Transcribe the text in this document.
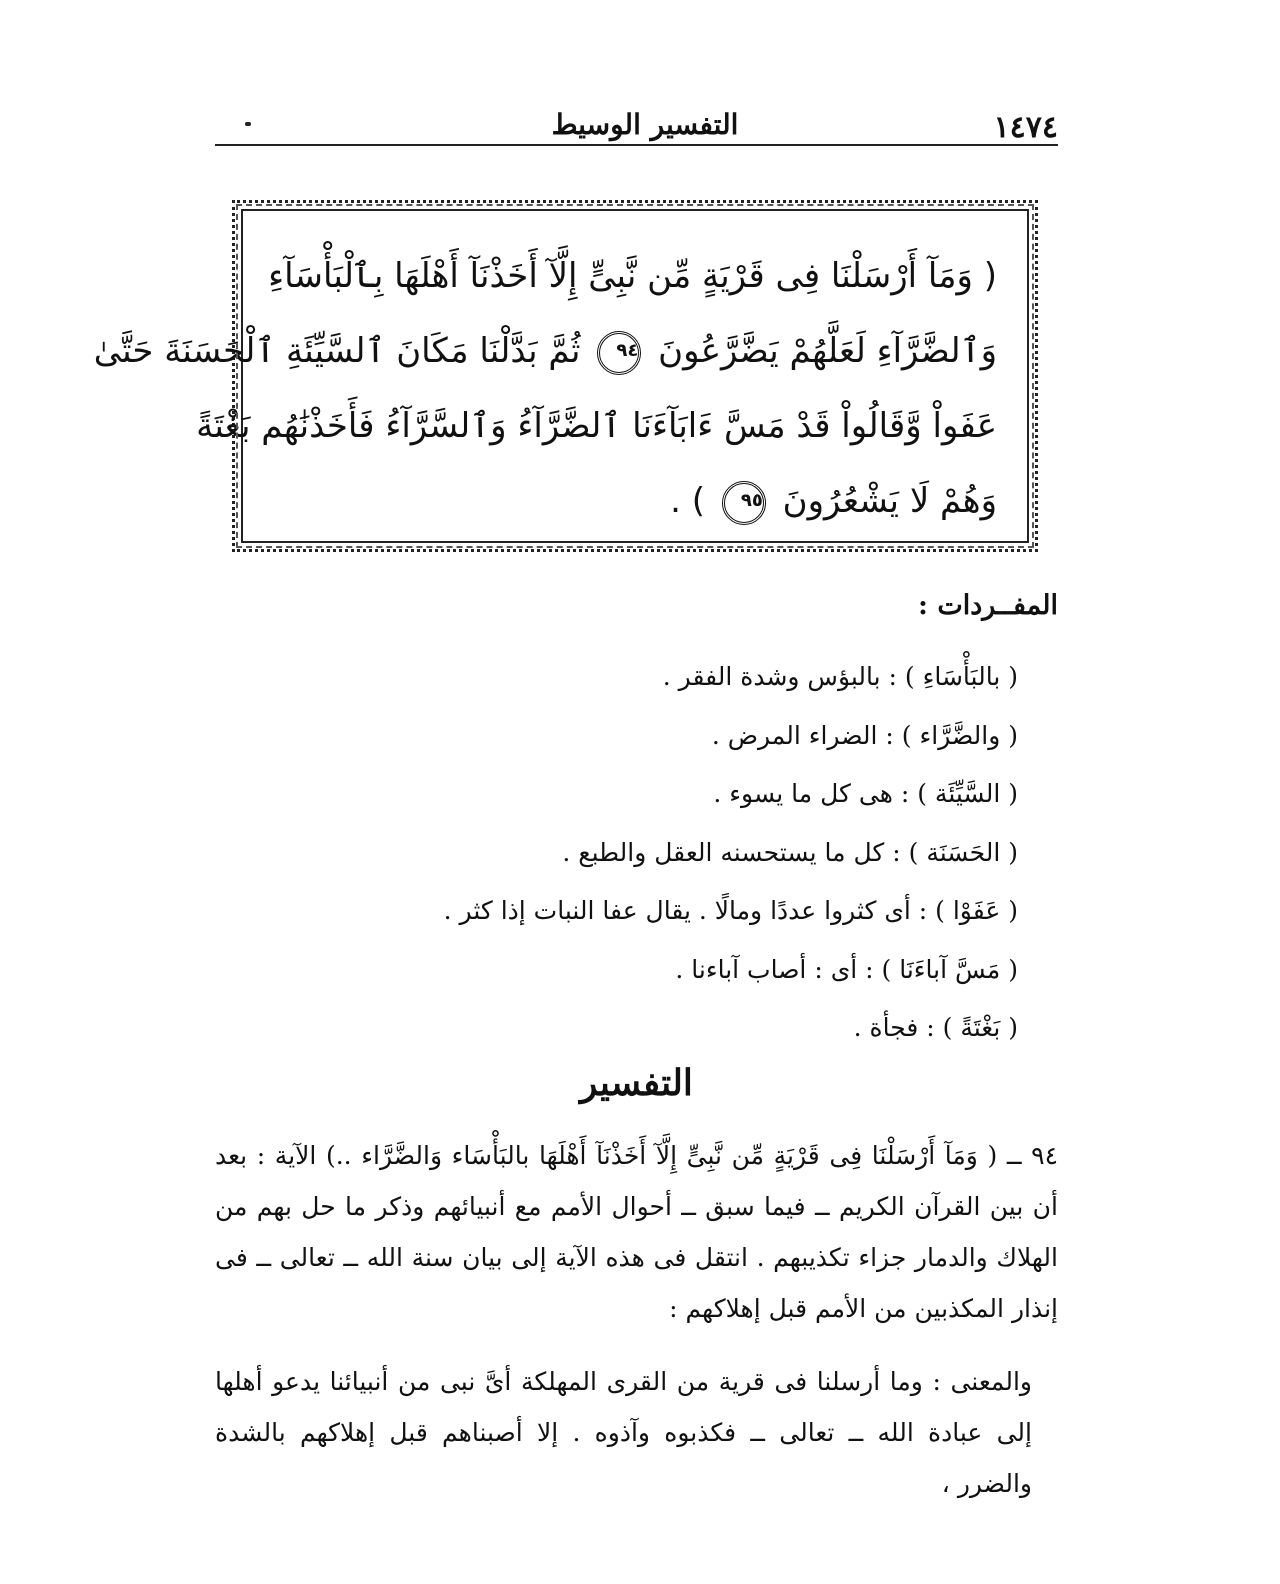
التفسير الوسيط	١٤٧٤

( وَمَآ أَرْسَلْنَا فِى قَرْيَةٍ مِّن نَّبِىٍّ إِلَّآ أَخَذْنَآ أَهْلَهَا بِٱلْبَأْسَآءِ

وَٱلضَّرَّآءِ لَعَلَّهُمْ يَضَّرَّعُونَ ٩٤ ثُمَّ بَدَّلْنَا مَكَانَ ٱلسَّيِّئَةِ ٱلْحَسَنَةَ حَتَّىٰ

عَفَواْ وَّقَالُواْ قَدْ مَسَّ ءَابَآءَنَا ٱلضَّرَّآءُ وَٱلسَّرَّآءُ فَأَخَذْنَٰهُم بَغْتَةً

وَهُمْ لَا يَشْعُرُونَ ٩٥ ) .

المفــردات :

( بالبَأْسَاءِ ) : بالبؤس وشدة الفقر .

( والضَّرَّاء ) : الضراء المرض .

( السَّيِّئَة ) : هى كل ما يسوء .

( الحَسَنَة ) : كل ما يستحسنه العقل والطبع .

( عَفَوْا ) : أى كثروا عددًا ومالًا . يقال عفا النبات إذا كثر .

( مَسَّ آباءَنَا ) : أى : أصاب آباءنا .

( بَغْتَةً ) : فجأة .

التفسير

٩٤ ــ ( وَمَآ أَرْسَلْنَا فِى قَرْيَةٍ مِّن نَّبِىٍّ إِلَّآ أَخَذْنَآ أَهْلَهَا بالبَأْسَاء وَالضَّرَّاء ..) الآية : بعد أن بين القرآن الكريم ــ فيما سبق ــ أحوال الأمم مع أنبيائهم وذكر ما حل بهم من الهلاك والدمار جزاء تكذيبهم . انتقل فى هذه الآية إلى بيان سنة الله ــ تعالى ــ فى إنذار المكذبين من الأمم قبل إهلاكهم :

والمعنى : وما أرسلنا فى قرية من القرى المهلكة أىَّ نبى من أنبيائنا يدعو أهلها إلى عبادة الله ــ تعالى ــ فكذبوه وآذوه . إلا أصبناهم قبل إهلاكهم بالشدة والضرر ،
